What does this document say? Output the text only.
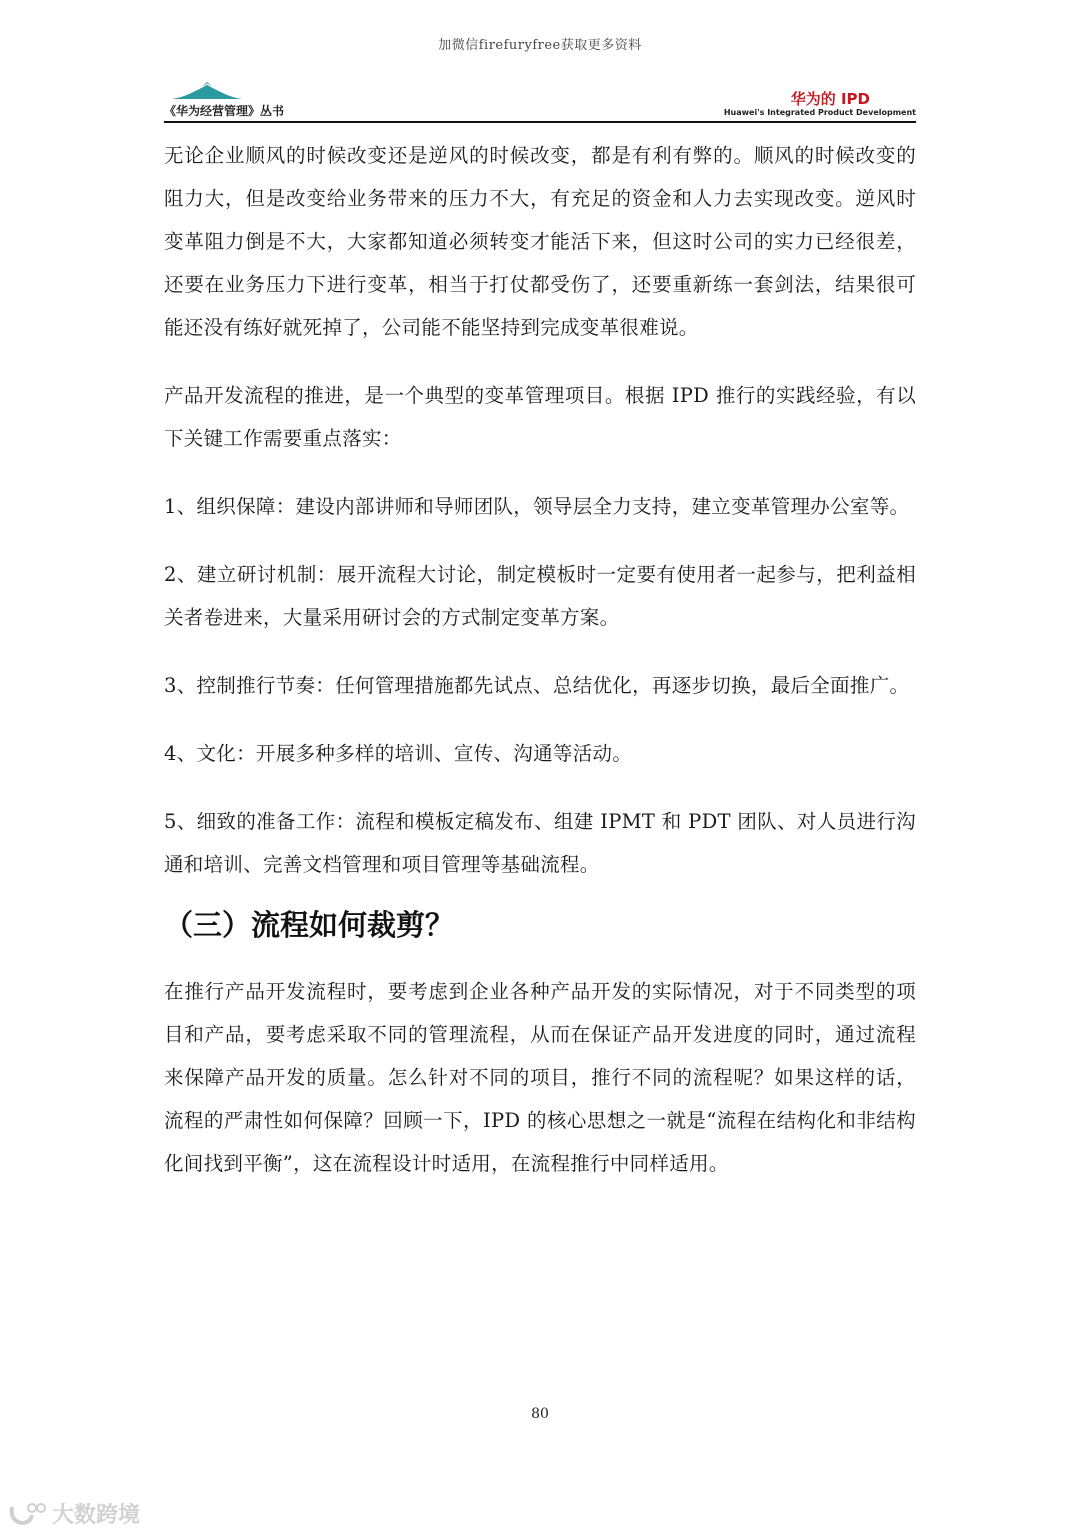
加微信firefuryfree获取更多资料
《华为经营管理》丛书
华为的 IPD
Huawei's Integrated Product Development

无论企业顺风的时候改变还是逆风的时候改变，都是有利有弊的。顺风的时候改变的阻力大，但是改变给业务带来的压力不大，有充足的资金和人力去实现改变。逆风时变革阻力倒是不大，大家都知道必须转变才能活下来，但这时公司的实力已经很差，还要在业务压力下进行变革，相当于打仗都受伤了，还要重新练一套剑法，结果很可能还没有练好就死掉了，公司能不能坚持到完成变革很难说。

产品开发流程的推进，是一个典型的变革管理项目。根据 IPD 推行的实践经验，有以下关键工作需要重点落实：

1、组织保障：建设内部讲师和导师团队，领导层全力支持，建立变革管理办公室等。

2、建立研讨机制：展开流程大讨论，制定模板时一定要有使用者一起参与，把利益相关者卷进来，大量采用研讨会的方式制定变革方案。

3、控制推行节奏：任何管理措施都先试点、总结优化，再逐步切换，最后全面推广。

4、文化：开展多种多样的培训、宣传、沟通等活动。

5、细致的准备工作：流程和模板定稿发布、组建 IPMT 和 PDT 团队、对人员进行沟通和培训、完善文档管理和项目管理等基础流程。

（三）流程如何裁剪？

在推行产品开发流程时，要考虑到企业各种产品开发的实际情况，对于不同类型的项目和产品，要考虑采取不同的管理流程，从而在保证产品开发进度的同时，通过流程来保障产品开发的质量。怎么针对不同的项目，推行不同的流程呢？如果这样的话，流程的严肃性如何保障？回顾一下，IPD 的核心思想之一就是“流程在结构化和非结构化间找到平衡”，这在流程设计时适用，在流程推行中同样适用。

80
大数跨境
